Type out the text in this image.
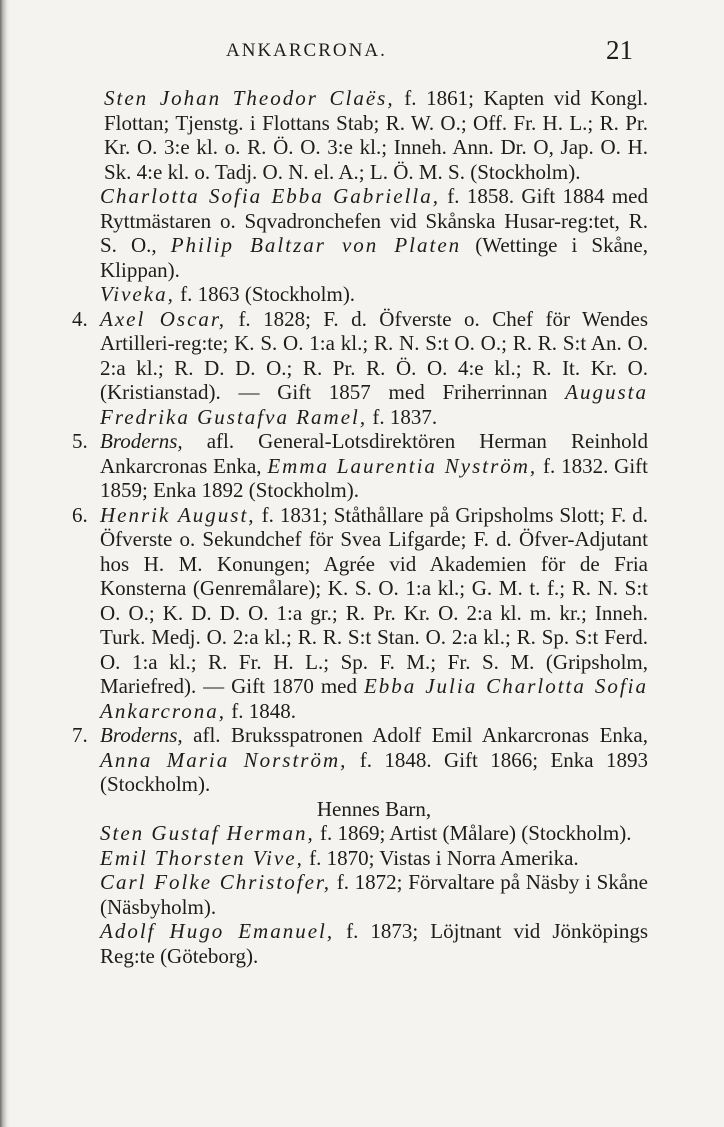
ANKARCRONA.	21

Sten Johan Theodor Claës, f. 1861; Kapten vid Kongl. Flottan; Tjenstg. i Flottans Stab; R. W. O.; Off. Fr. H. L.; R. Pr. Kr. O. 3:e kl. o. R. Ö. O. 3:e kl.; Inneh. Ann. Dr. O, Jap. O. H. Sk. 4:e kl. o. Tadj. O. N. el. A.; L. Ö. M. S. (Stockholm).

Charlotta Sofia Ebba Gabriella, f. 1858. Gift 1884 med Ryttmästaren o. Sqvadronchefen vid Skånska Husar-reg:tet, R. S. O., Philip Baltzar von Platen (Wettinge i Skåne, Klippan).

Viveka, f. 1863 (Stockholm).

4. Axel Oscar, f. 1828; F. d. Öfverste o. Chef för Wendes Artilleri-reg:te; K. S. O. 1:a kl.; R. N. S:t O. O.; R. R. S:t An. O. 2:a kl.; R. D. D. O.; R. Pr. R. Ö. O. 4:e kl.; R. It. Kr. O. (Kristianstad). — Gift 1857 med Friherrinnan Augusta Fredrika Gustafva Ramel, f. 1837.

5. Broderns, afl. General-Lotsdirektören Herman Reinhold Ankarcronas Enka, Emma Laurentia Nyström, f. 1832. Gift 1859; Enka 1892 (Stockholm).

6. Henrik August, f. 1831; Ståthållare på Gripsholms Slott; F. d. Öfverste o. Sekundchef för Svea Lifgarde; F. d. Öfver-Adjutant hos H. M. Konungen; Agrée vid Akademien för de Fria Konsterna (Genremålare); K. S. O. 1:a kl.; G. M. t. f.; R. N. S:t O. O.; K. D. D. O. 1:a gr.; R. Pr. Kr. O. 2:a kl. m. kr.; Inneh. Turk. Medj. O. 2:a kl.; R. R. S:t Stan. O. 2:a kl.; R. Sp. S:t Ferd. O. 1:a kl.; R. Fr. H. L.; Sp. F. M.; Fr. S. M. (Gripsholm, Mariefred). — Gift 1870 med Ebba Julia Charlotta Sofia Ankarcrona, f. 1848.

7. Broderns, afl. Bruksspatronen Adolf Emil Ankarcronas Enka, Anna Maria Norström, f. 1848. Gift 1866; Enka 1893 (Stockholm).

Hennes Barn,

Sten Gustaf Herman, f. 1869; Artist (Målare) (Stockholm).

Emil Thorsten Vive, f. 1870; Vistas i Norra Amerika.

Carl Folke Christofer, f. 1872; Förvaltare på Näsby i Skåne (Näsbyholm).

Adolf Hugo Emanuel, f. 1873; Löjtnant vid Jönköpings Reg:te (Göteborg).
